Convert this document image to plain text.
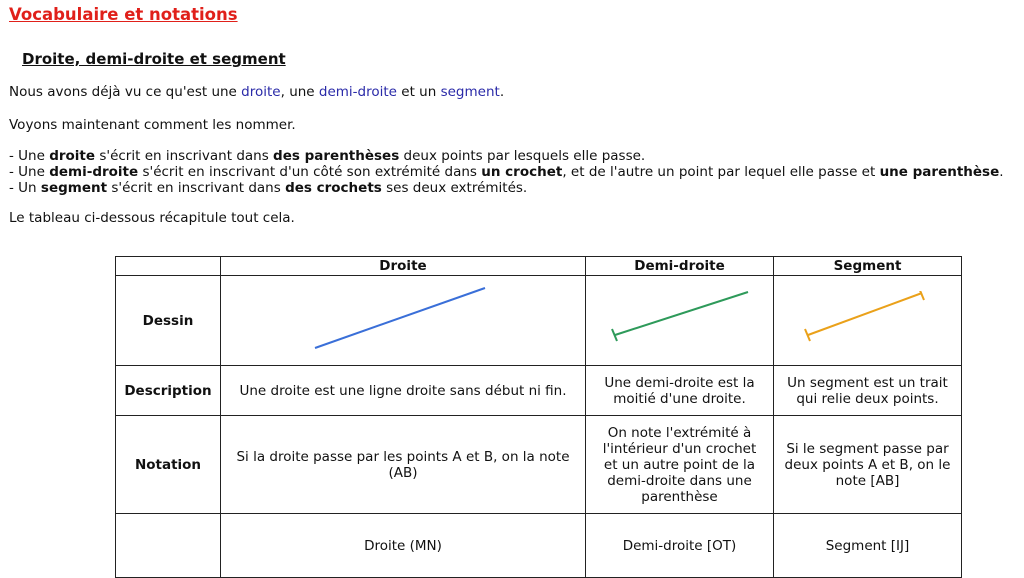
Vocabulaire et notations
Droite, demi-droite et segment
Nous avons déjà vu ce qu'est une droite, une demi-droite et un segment.
Voyons maintenant comment les nommer.
- Une droite s'écrit en inscrivant dans des parenthèses deux points par lesquels elle passe.
- Une demi-droite s'écrit en inscrivant d'un côté son extrémité dans un crochet, et de l'autre un point par lequel elle passe et une parenthèse.
- Un segment s'écrit en inscrivant dans des crochets ses deux extrémités.
Le tableau ci-dessous récapitule tout cela.
	Droite	Demi-droite	Segment
Dessin	

Description	Une droite est une ligne droite sans début ni fin.	Une demi-droite est la moitié d'une droite.	Un segment est un trait qui relie deux points.
Notation	Si la droite passe par les points A et B, on la note (AB)	On note l'extrémité à l'intérieur d'un crochet et un autre point de la demi-droite dans une parenthèse	Si le segment passe par deux points A et B, on le note [AB]
	Droite (MN)	Demi-droite [OT)	Segment [IJ]
